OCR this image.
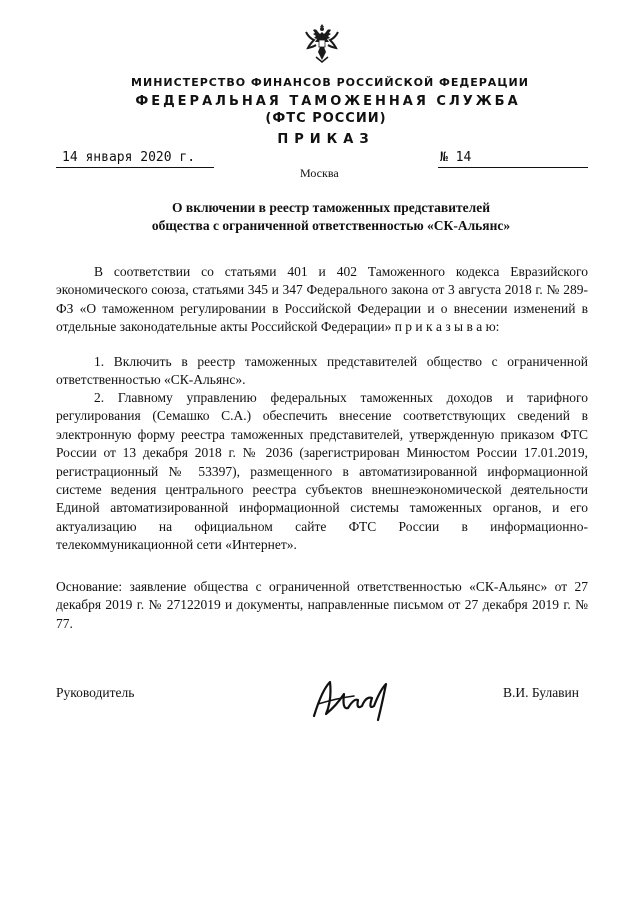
МИНИСТЕРСТВО ФИНАНСОВ РОССИЙСКОЙ ФЕДЕРАЦИИ
ФЕДЕРАЛЬНАЯ ТАМОЖЕННАЯ СЛУЖБА
(ФТС РОССИИ)
ПРИКАЗ
14 января 2020 г.	№ 14
Москва
О включении в реестр таможенных представителей
общества с ограниченной ответственностью «СК-Альянс»
В соответствии со статьями 401 и 402 Таможенного кодекса Евразийского экономического союза, статьями 345 и 347 Федерального закона от 3 августа 2018 г. № 289-ФЗ «О таможенном регулировании в Российской Федерации и о внесении изменений в отдельные законодательные акты Российской Федерации» п р и к а з ы в а ю:
1. Включить в реестр таможенных представителей общество с ограниченной ответственностью «СК-Альянс».
2. Главному управлению федеральных таможенных доходов и тарифного регулирования (Семашко С.А.) обеспечить внесение соответствующих сведений в электронную форму реестра таможенных представителей, утвержденную приказом ФТС России от 13 декабря 2018 г. № 2036 (зарегистрирован Минюстом России 17.01.2019, регистрационный № 53397), размещенного в автоматизированной информационной системе ведения центрального реестра субъектов внешнеэкономической деятельности Единой автоматизированной информационной системы таможенных органов, и его актуализацию на официальном сайте ФТС России в информационно-телекоммуникационной сети «Интернет».
Основание: заявление общества с ограниченной ответственностью «СК-Альянс» от 27 декабря 2019 г. № 27122019 и документы, направленные письмом от 27 декабря 2019 г. № 77.
Руководитель	В.И. Булавин
